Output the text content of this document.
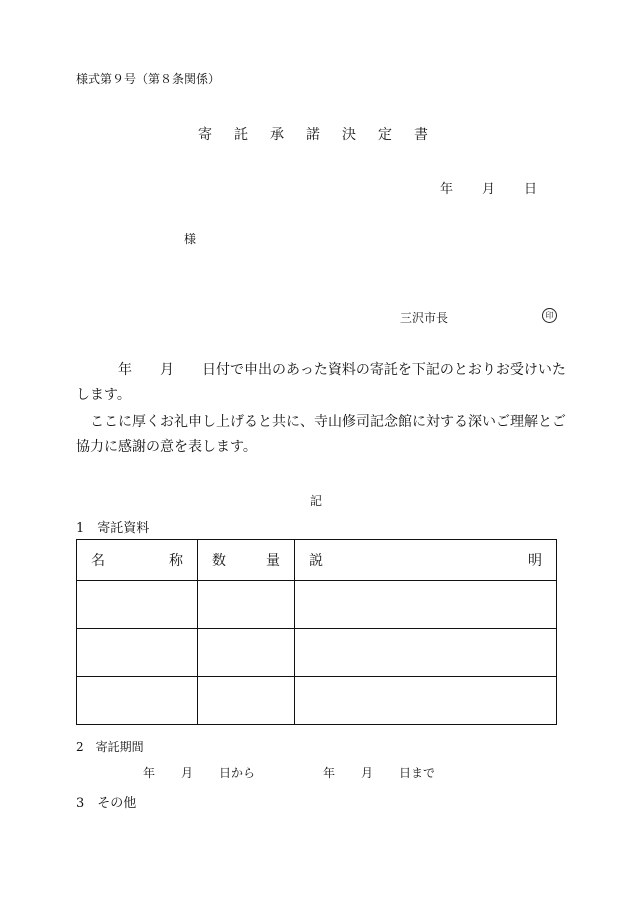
様式第９号（第８条関係）
寄 託 承 諾 決 定 書
年 月 日
様
三沢市長	印
年　　月　　日付で申出のあった資料の寄託を下記のとおりお受けいた
します。
ここに厚くお礼申し上げると共に、寺山修司記念館に対する深いご理解とご
協力に感謝の意を表します。
記
1　寄託資料
名 称	数 量	説 明

2　寄託期間
年 月 日から	年 月 日まで
3　その他
